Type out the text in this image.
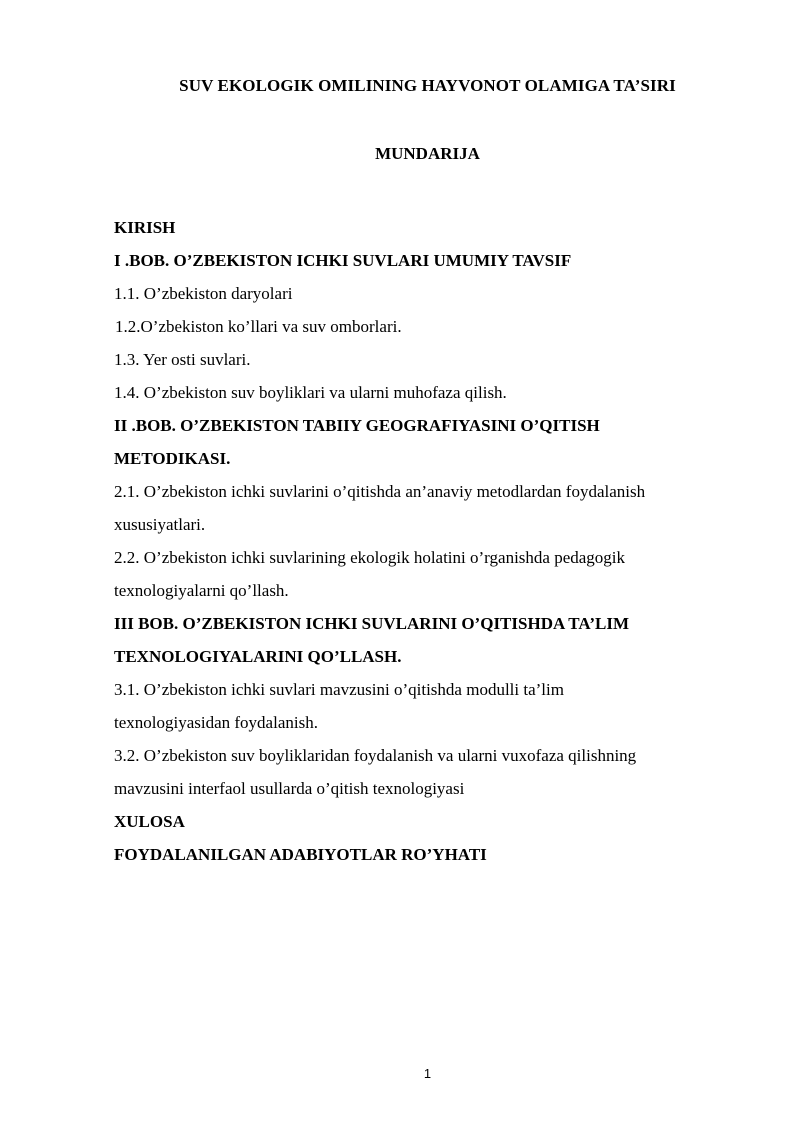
SUV EKOLOGIK OMILINING HAYVONOT OLAMIGA TA’SIRI
MUNDARIJA
KIRISH
I .BOB. O’ZBEKISTON ICHKI SUVLARI UMUMIY TAVSIF
1.1. O’zbekiston daryolari
1.2.O’zbekiston ko’llari va suv omborlari.
1.3. Yer osti suvlari.
1.4. O’zbekiston suv boyliklari va ularni muhofaza qilish.
II .BOB. O’ZBEKISTON TABIIY GEOGRAFIYASINI O’QITISH
METODIKASI.
2.1. O’zbekiston ichki suvlarini o’qitishda an’anaviy metodlardan foydalanish
xususiyatlari.
2.2. O’zbekiston ichki suvlarining ekologik holatini o’rganishda pedagogik
texnologiyalarni qo’llash.
III BOB. O’ZBEKISTON ICHKI SUVLARINI O’QITISHDA TA’LIM
TEXNOLOGIYALARINI QO’LLASH.
3.1. O’zbekiston ichki suvlari mavzusini o’qitishda modulli ta’lim
texnologiyasidan foydalanish.
3.2. O’zbekiston suv boyliklaridan foydalanish va ularni vuxofaza qilishning
mavzusini interfaol usullarda o’qitish texnologiyasi
XULOSA
FOYDALANILGAN ADABIYOTLAR RO’YHATI
1
